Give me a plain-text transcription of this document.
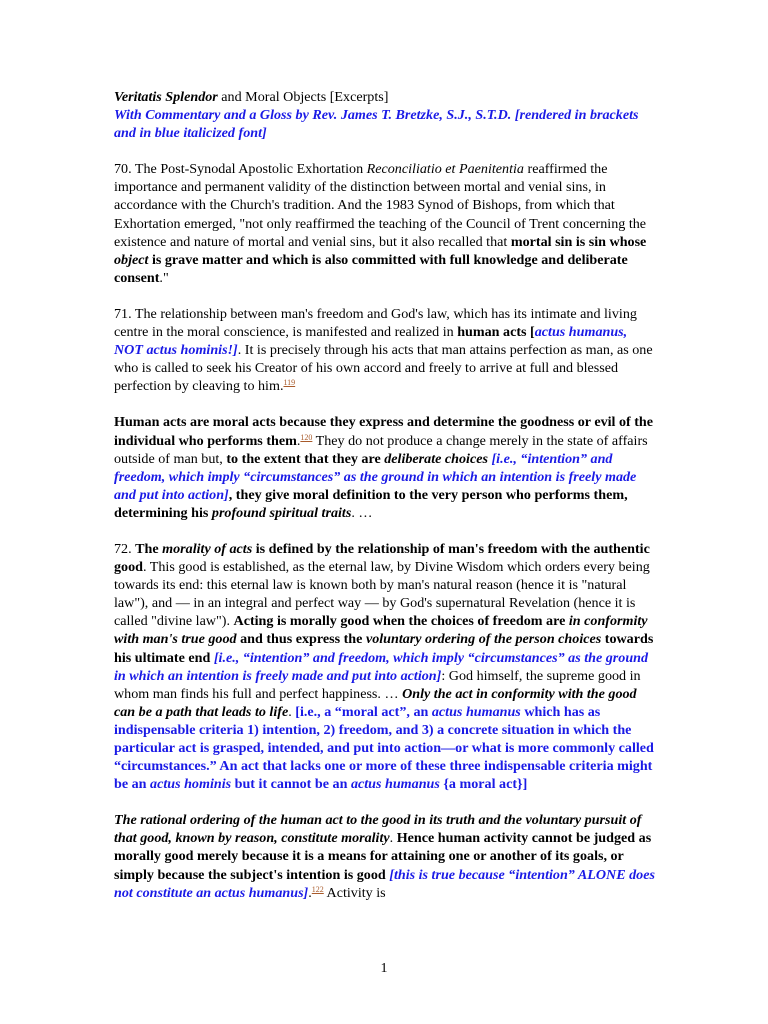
Veritatis Splendor and Moral Objects [Excerpts]

With Commentary and a Gloss by Rev. James T. Bretzke, S.J., S.T.D. [rendered in brackets and in blue italicized font]

70. The Post-Synodal Apostolic Exhortation Reconciliatio et Paenitentia reaffirmed the importance and permanent validity of the distinction between mortal and venial sins, in accordance with the Church's tradition. And the 1983 Synod of Bishops, from which that Exhortation emerged, "not only reaffirmed the teaching of the Council of Trent concerning the existence and nature of mortal and venial sins, but it also recalled that mortal sin is sin whose object is grave matter and which is also committed with full knowledge and deliberate consent."

71. The relationship between man's freedom and God's law, which has its intimate and living centre in the moral conscience, is manifested and realized in human acts [actus humanus, NOT actus hominis!]. It is precisely through his acts that man attains perfection as man, as one who is called to seek his Creator of his own accord and freely to arrive at full and blessed perfection by cleaving to him.$^{119}$

Human acts are moral acts because they express and determine the goodness or evil of the individual who performs them.$^{120}$ They do not produce a change merely in the state of affairs outside of man but, to the extent that they are deliberate choices [i.e., “intention” and freedom, which imply “circumstances” as the ground in which an intention is freely made and put into action], they give moral definition to the very person who performs them, determining his profound spiritual traits. …

72. The morality of acts is defined by the relationship of man's freedom with the authentic good. This good is established, as the eternal law, by Divine Wisdom which orders every being towards its end: this eternal law is known both by man's natural reason (hence it is "natural law"), and — in an integral and perfect way — by God's supernatural Revelation (hence it is called "divine law"). Acting is morally good when the choices of freedom are in conformity with man's true good and thus express the voluntary ordering of the person choices towards his ultimate end [i.e., “intention” and freedom, which imply “circumstances” as the ground in which an intention is freely made and put into action]: God himself, the supreme good in whom man finds his full and perfect happiness. … Only the act in conformity with the good can be a path that leads to life. [i.e., a “moral act”, an actus humanus which has as indispensable criteria 1) intention, 2) freedom, and 3) a concrete situation in which the particular act is grasped, intended, and put into action—or what is more commonly called “circumstances.” An act that lacks one or more of these three indispensable criteria might be an actus hominis but it cannot be an actus humanus {a moral act}]

The rational ordering of the human act to the good in its truth and the voluntary pursuit of that good, known by reason, constitute morality. Hence human activity cannot be judged as morally good merely because it is a means for attaining one or another of its goals, or simply because the subject's intention is good [this is true because “intention” ALONE does not constitute an actus humanus].$^{122}$ Activity is

1
